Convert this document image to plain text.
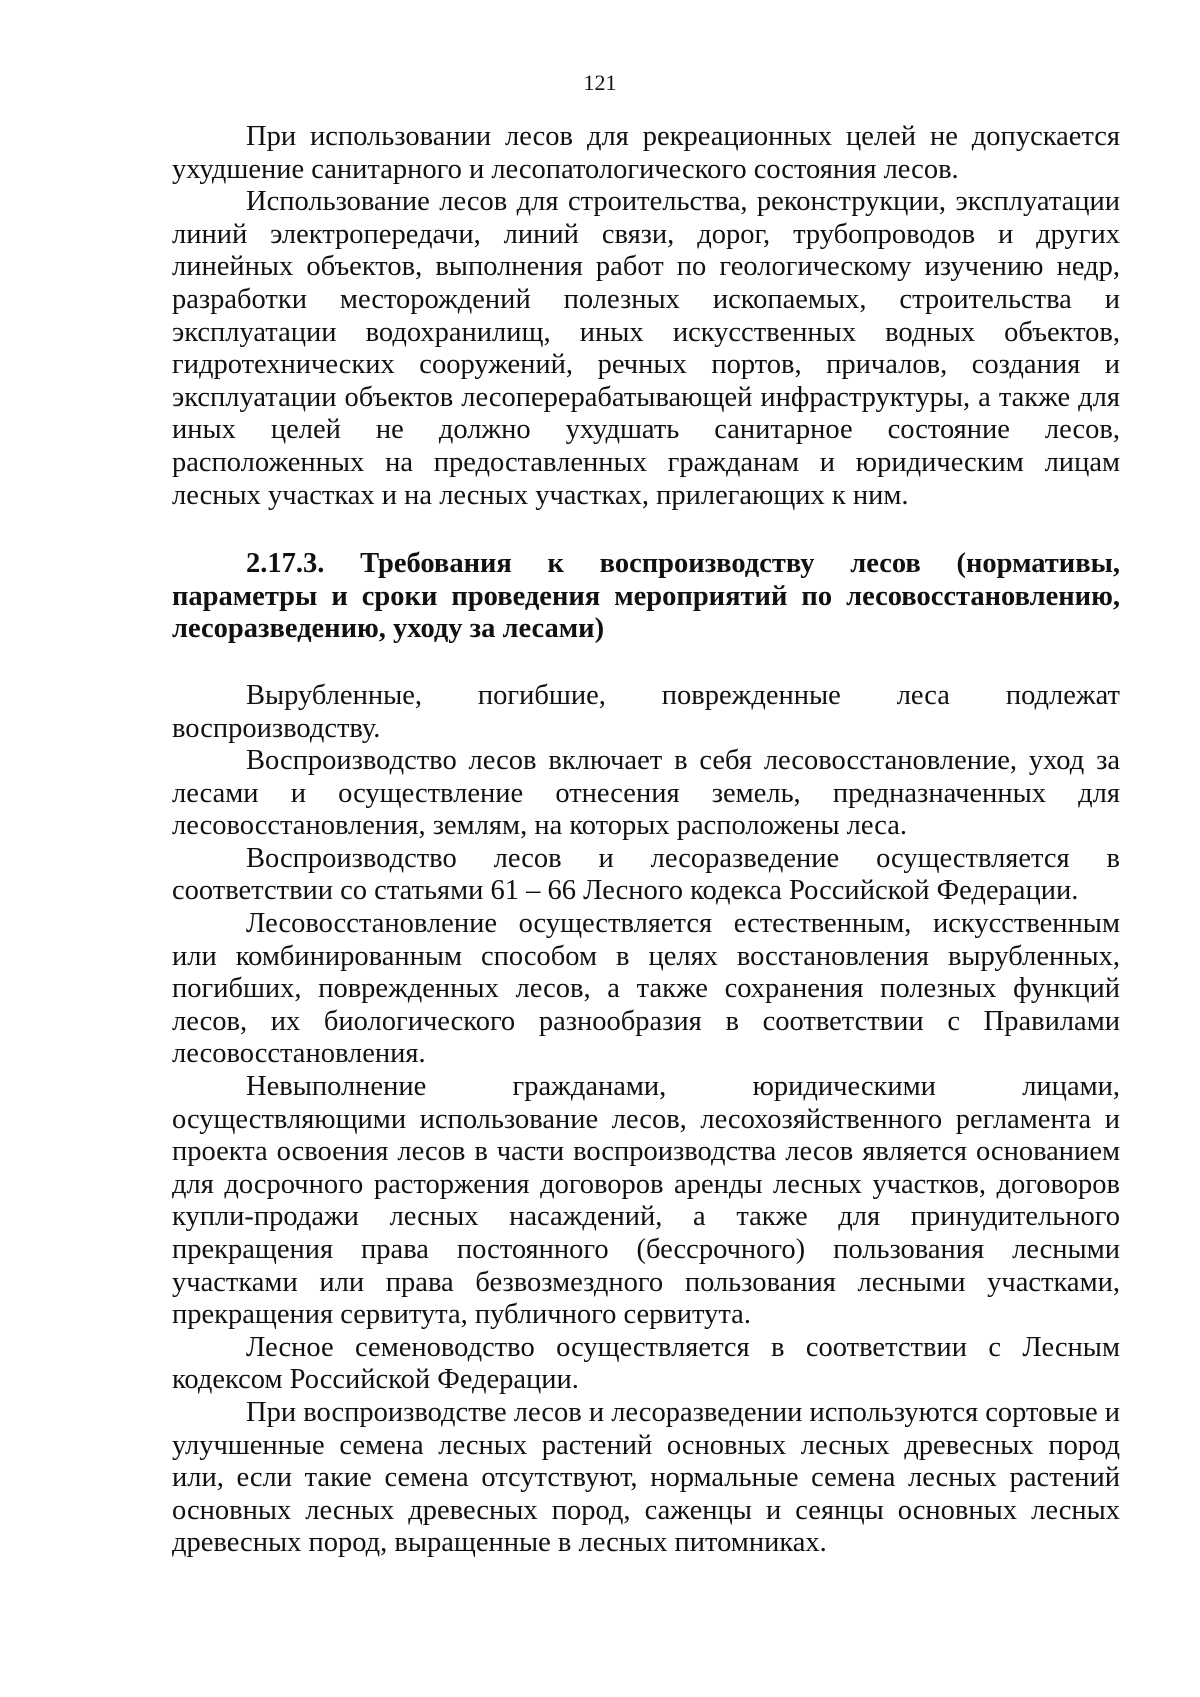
121

При использовании лесов для рекреационных целей не допускается ухудшение санитарного и лесопатологического состояния лесов.

Использование лесов для строительства, реконструкции, эксплуатации линий электропередачи, линий связи, дорог, трубопроводов и других линейных объектов, выполнения работ по геологическому изучению недр, разработки месторождений полезных ископаемых, строительства и эксплуатации водохранилищ, иных искусственных водных объектов, гидротехнических сооружений, речных портов, причалов, создания и эксплуатации объектов лесоперерабатывающей инфраструктуры, а также для иных целей не должно ухудшать санитарное состояние лесов, расположенных на предоставленных гражданам и юридическим лицам лесных участках и на лесных участках, прилегающих к ним.

2.17.3. Требования к воспроизводству лесов (нормативы, параметры и сроки проведения мероприятий по лесовосстановлению, лесоразведению, уходу за лесами)

Вырубленные, погибшие, поврежденные леса подлежат воспроизводству.

Воспроизводство лесов включает в себя лесовосстановление, уход за лесами и осуществление отнесения земель, предназначенных для лесовосстановления, землям, на которых расположены леса.

Воспроизводство лесов и лесоразведение осуществляется в соответствии со статьями 61 – 66 Лесного кодекса Российской Федерации.

Лесовосстановление осуществляется естественным, искусственным или комбинированным способом в целях восстановления вырубленных, погибших, поврежденных лесов, а также сохранения полезных функций лесов, их биологического разнообразия в соответствии с Правилами лесовосстановления.

Невыполнение гражданами, юридическими лицами, осуществляющими использование лесов, лесохозяйственного регламента и проекта освоения лесов в части воспроизводства лесов является основанием для досрочного расторжения договоров аренды лесных участков, договоров купли-продажи лесных насаждений, а также для принудительного прекращения права постоянного (бессрочного) пользования лесными участками или права безвозмездного пользования лесными участками, прекращения сервитута, публичного сервитута.

Лесное семеноводство осуществляется в соответствии с Лесным кодексом Российской Федерации.

При воспроизводстве лесов и лесоразведении используются сортовые и улучшенные семена лесных растений основных лесных древесных пород или, если такие семена отсутствуют, нормальные семена лесных растений основных лесных древесных пород, саженцы и сеянцы основных лесных древесных пород, выращенные в лесных питомниках.
